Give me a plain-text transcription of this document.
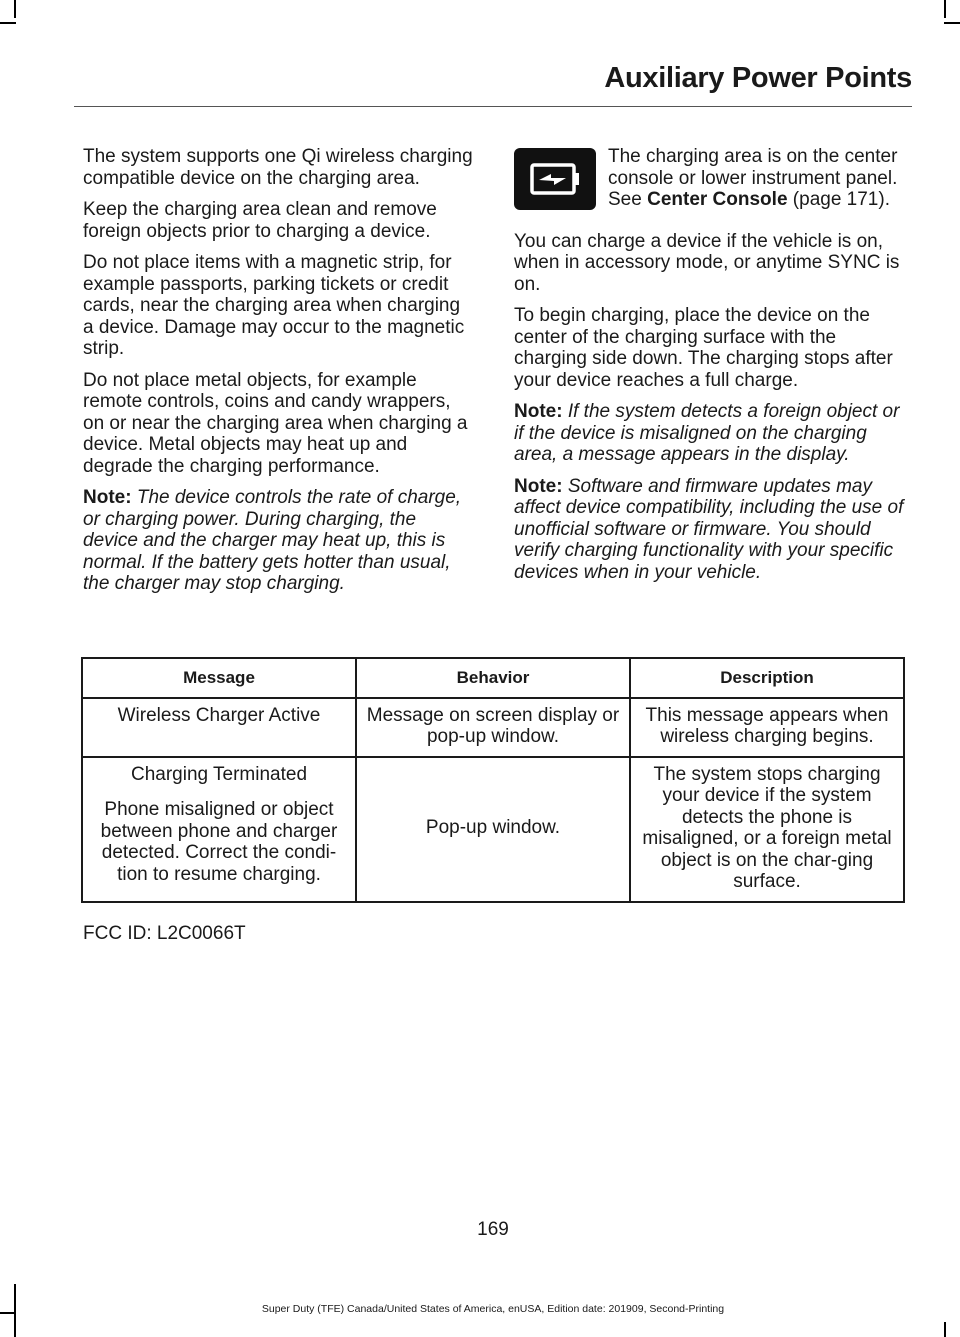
Auxiliary Power Points

The system supports one Qi wireless charging compatible device on the charging area.

Keep the charging area clean and remove foreign objects prior to charging a device.

Do not place items with a magnetic strip, for example passports, parking tickets or credit cards, near the charging area when charging a device. Damage may occur to the magnetic strip.

Do not place metal objects, for example remote controls, coins and candy wrappers, on or near the charging area when charging a device. Metal objects may heat up and degrade the charging performance.

Note: The device controls the rate of charge, or charging power. During charging, the device and the charger may heat up, this is normal. If the battery gets hotter than usual, the charger may stop charging.

The charging area is on the center console or lower instrument panel. See Center Console (page 171).

You can charge a device if the vehicle is on, when in accessory mode, or anytime SYNC is on.

To begin charging, place the device on the center of the charging surface with the charging side down. The charging stops after your device reaches a full charge.

Note: If the system detects a foreign object or if the device is misaligned on the charging area, a message appears in the display.

Note: Software and firmware updates may affect device compatibility, including the use of unofficial software or firmware. You should verify charging functionality with your specific devices when in your vehicle.

Message	Behavior	Description
Wireless Charger Active	Message on screen display or pop-up window.	This message appears when wireless charging begins.

Charging Terminated

Phone misaligned or object between phone and charger detected. Correct the condi-tion to resume charging.	Pop-up window.	The system stops charging your device if the system detects the phone is misaligned, or a foreign metal object is on the char-ging surface.
FCC ID: L2C0066T
169
Super Duty (TFE) Canada/United States of America, enUSA, Edition date: 201909, Second-Printing
